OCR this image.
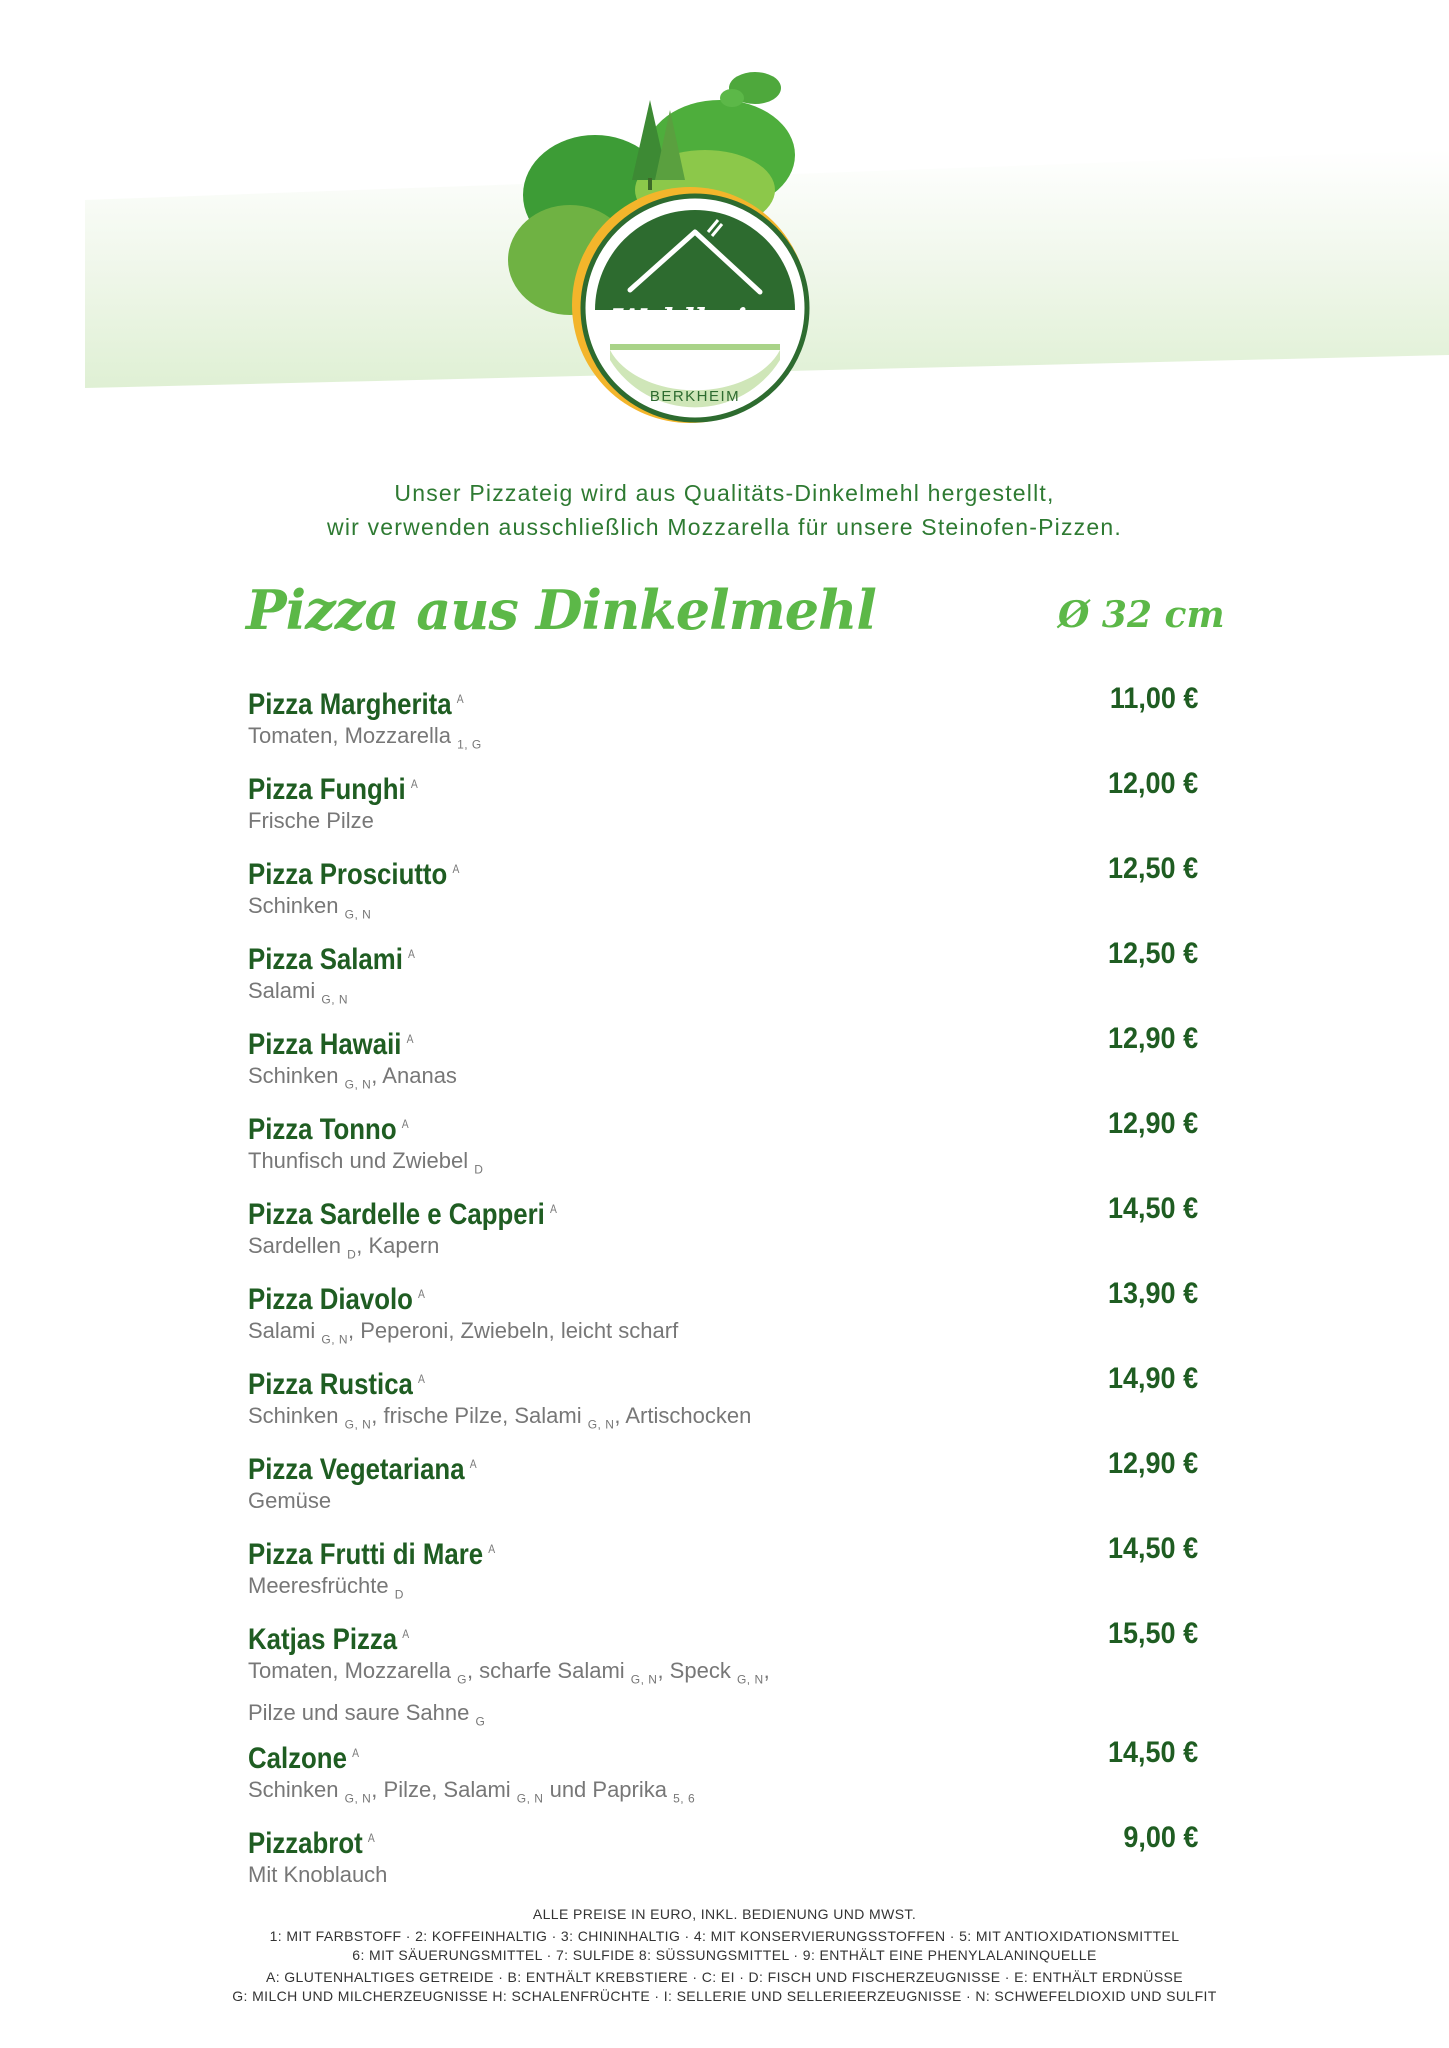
Waldheim
BERKHEIM
Unser Pizzateig wird aus Qualitäts-Dinkelmehl hergestellt,
wir verwenden ausschließlich Mozzarella für unsere Steinofen-Pizzen.
Pizza aus Dinkelmehl	Ø 32 cm
Pizza Margherita $^A$	11,00 €
Tomaten, Mozzarella $_{1, G}$
Pizza Funghi $^A$	12,00 €
Frische Pilze
Pizza Prosciutto $^A$	12,50 €
Schinken $_{G, N}$
Pizza Salami $^A$	12,50 €
Salami $_{G, N}$
Pizza Hawaii $^A$	12,90 €
Schinken $_{G, N}$, Ananas
Pizza Tonno $^A$	12,90 €
Thunfisch und Zwiebel $_D$
Pizza Sardelle e Capperi $^A$	14,50 €
Sardellen $_D$, Kapern
Pizza Diavolo $^A$	13,90 €
Salami $_{G, N}$, Peperoni, Zwiebeln, leicht scharf
Pizza Rustica $^A$	14,90 €
Schinken $_{G, N}$, frische Pilze, Salami $_{G, N}$, Artischocken
Pizza Vegetariana $^A$	12,90 €
Gemüse
Pizza Frutti di Mare $^A$	14,50 €
Meeresfrüchte $_D$
Katjas Pizza $^A$	15,50 €
Tomaten, Mozzarella $_G$, scharfe Salami $_{G, N}$, Speck $_{G, N}$,
Pilze und saure Sahne $_G$
Calzone $^A$	14,50 €
Schinken $_{G, N}$, Pilze, Salami $_{G, N}$ und Paprika $_{5, 6}$
Pizzabrot $^A$	9,00 €
Mit Knoblauch
ALLE PREISE IN EURO, INKL. BEDIENUNG UND MWST.
1: MIT FARBSTOFF · 2: KOFFEINHALTIG · 3: CHININHALTIG · 4: MIT KONSERVIERUNGSSTOFFEN · 5: MIT ANTIOXIDATIONSMITTEL
6: MIT SÄUERUNGSMITTEL · 7: SULFIDE 8: SÜSSUNGSMITTEL · 9: ENTHÄLT EINE PHENYLALANINQUELLE
A: GLUTENHALTIGES GETREIDE · B: ENTHÄLT KREBSTIERE · C: EI · D: FISCH UND FISCHERZEUGNISSE · E: ENTHÄLT ERDNÜSSE
G: MILCH UND MILCHERZEUGNISSE H: SCHALENFRÜCHTE · I: SELLERIE UND SELLERIEERZEUGNISSE · N: SCHWEFELDIOXID UND SULFIT
